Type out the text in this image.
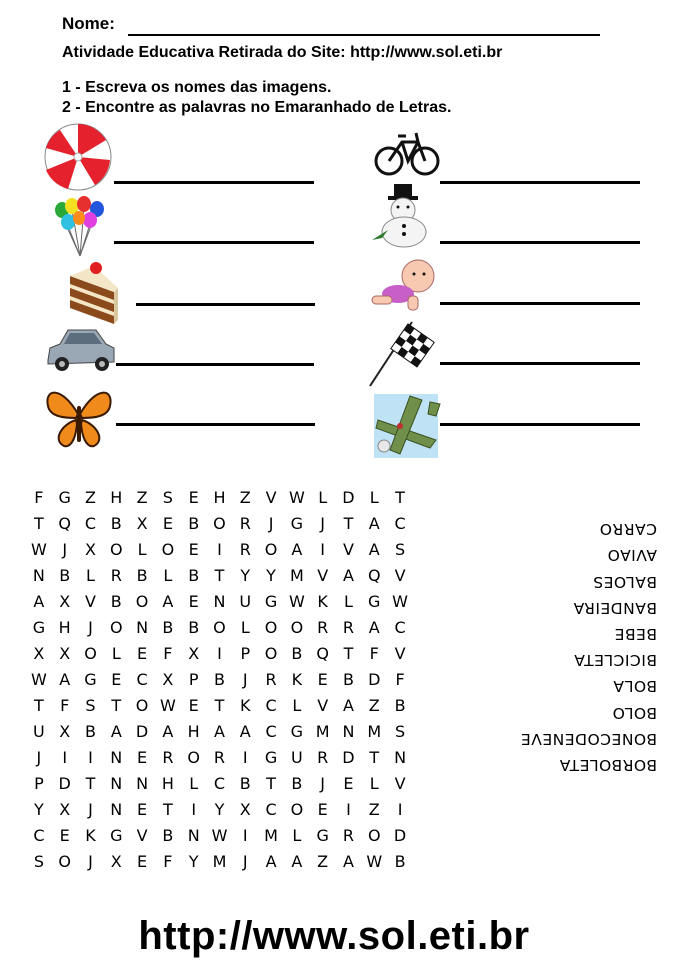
Nome:
Atividade Educativa Retirada do Site: http://www.sol.eti.br
1 - Escreva os nomes das imagens.
2 - Encontre as palavras no Emaranhado de Letras.
F	G	Z	H	Z	S	E	H	Z	V	W	L	D	L	T
T	Q	C	B	X	E	B	O	R	J	G	J	T	A	C
W	J	X	O	L	O	E	I	R	O	A	I	V	A	S
N	B	L	R	B	L	B	T	Y	Y	M	V	A	Q	V
A	X	V	B	O	A	E	N	U	G	W	K	L	G	W
G	H	J	O	N	B	B	O	L	O	O	R	R	A	C
X	X	O	L	E	F	X	I	P	O	B	Q	T	F	V
W	A	G	E	C	X	P	B	J	R	K	E	B	D	F
T	F	S	T	O	W	E	T	K	C	L	V	A	Z	B
U	X	B	A	D	A	H	A	A	C	G	M	N	M	S
J	I	I	N	E	R	O	R	I	G	U	R	D	T	N
P	D	T	N	N	H	L	C	B	T	B	J	E	L	V
Y	X	J	N	E	T	I	Y	X	C	O	E	I	Z	I
C	E	K	G	V	B	N	W	I	M	L	G	R	O	D
S	O	J	X	E	F	Y	M	J	A	A	Z	A	W	B
BORBOLETA
BONECODENEVE
BOLO
BOLA
BICICLETA
BEBE
BANDEIRA
BALOES
AVIAO
CARRO
http://www.sol.eti.br
